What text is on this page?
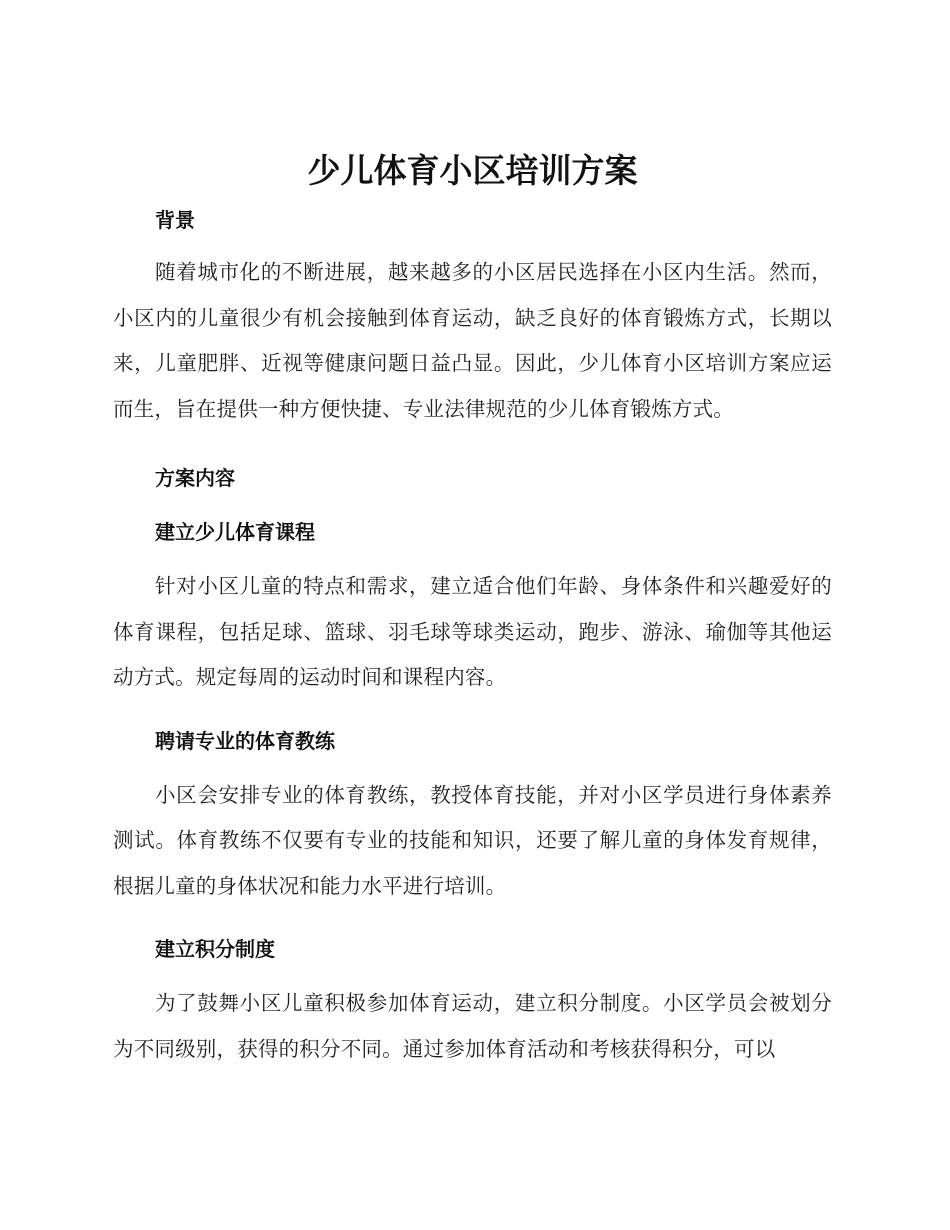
少儿体育小区培训方案
背景

随着城市化的不断进展，越来越多的小区居民选择在小区内生活。然而，小区内的儿童很少有机会接触到体育运动，缺乏良好的体育锻炼方式，长期以来，儿童肥胖、近视等健康问题日益凸显。因此，少儿体育小区培训方案应运而生，旨在提供一种方便快捷、专业法律规范的少儿体育锻炼方式。

方案内容
建立少儿体育课程

针对小区儿童的特点和需求，建立适合他们年龄、身体条件和兴趣爱好的体育课程，包括足球、篮球、羽毛球等球类运动，跑步、游泳、瑜伽等其他运动方式。规定每周的运动时间和课程内容。

聘请专业的体育教练

小区会安排专业的体育教练，教授体育技能，并对小区学员进行身体素养测试。体育教练不仅要有专业的技能和知识，还要了解儿童的身体发育规律，根据儿童的身体状况和能力水平进行培训。

建立积分制度

为了鼓舞小区儿童积极参加体育运动，建立积分制度。小区学员会被划分为不同级别，获得的积分不同。通过参加体育活动和考核获得积分，可以
